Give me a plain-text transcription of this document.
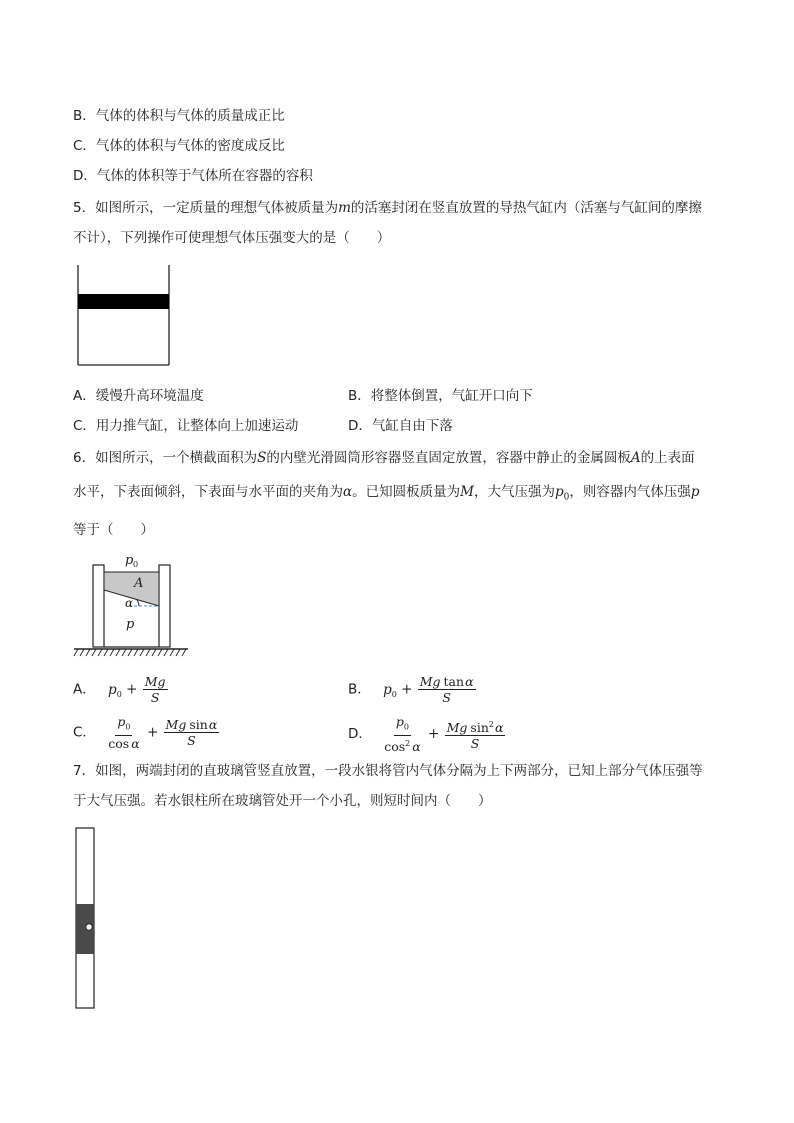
B．气体的体积与气体的质量成正比
C．气体的体积与气体的密度成反比
D．气体的体积等于气体所在容器的容积
5．如图所示，一定质量的理想气体被质量为m的活塞封闭在竖直放置的导热气缸内（活塞与气缸间的摩擦
不计），下列操作可使理想气体压强变大的是（　　）
A．缓慢升高环境温度	B．将整体倒置，气缸开口向下
C．用力推气缸，让整体向上加速运动	D．气缸自由下落
6．如图所示，一个横截面积为S的内壁光滑圆筒形容器竖直固定放置，容器中静止的金属圆板A的上表面
水平，下表面倾斜，下表面与水平面的夹角为α。已知圆板质量为M，大气压强为$p_0$，则容器内气体压强p
等于（　　）
p 0
A
α
p
A． $p_0 + \frac{Mg}{S}$	B． $p_0 + \frac{\text{Mg tanα}}{S}$
C． $\frac{p_0}{\text{cos α}} + \frac{\text{Mg sinα}}{S}$	D． $\frac{p_0}{\cos^2 \alpha} + \frac{Mg \sin^2\alpha}{S}$
7．如图，两端封闭的直玻璃管竖直放置，一段水银将管内气体分隔为上下两部分，已知上部分气体压强等
于大气压强。若水银柱所在玻璃管处开一个小孔，则短时间内（　　）
